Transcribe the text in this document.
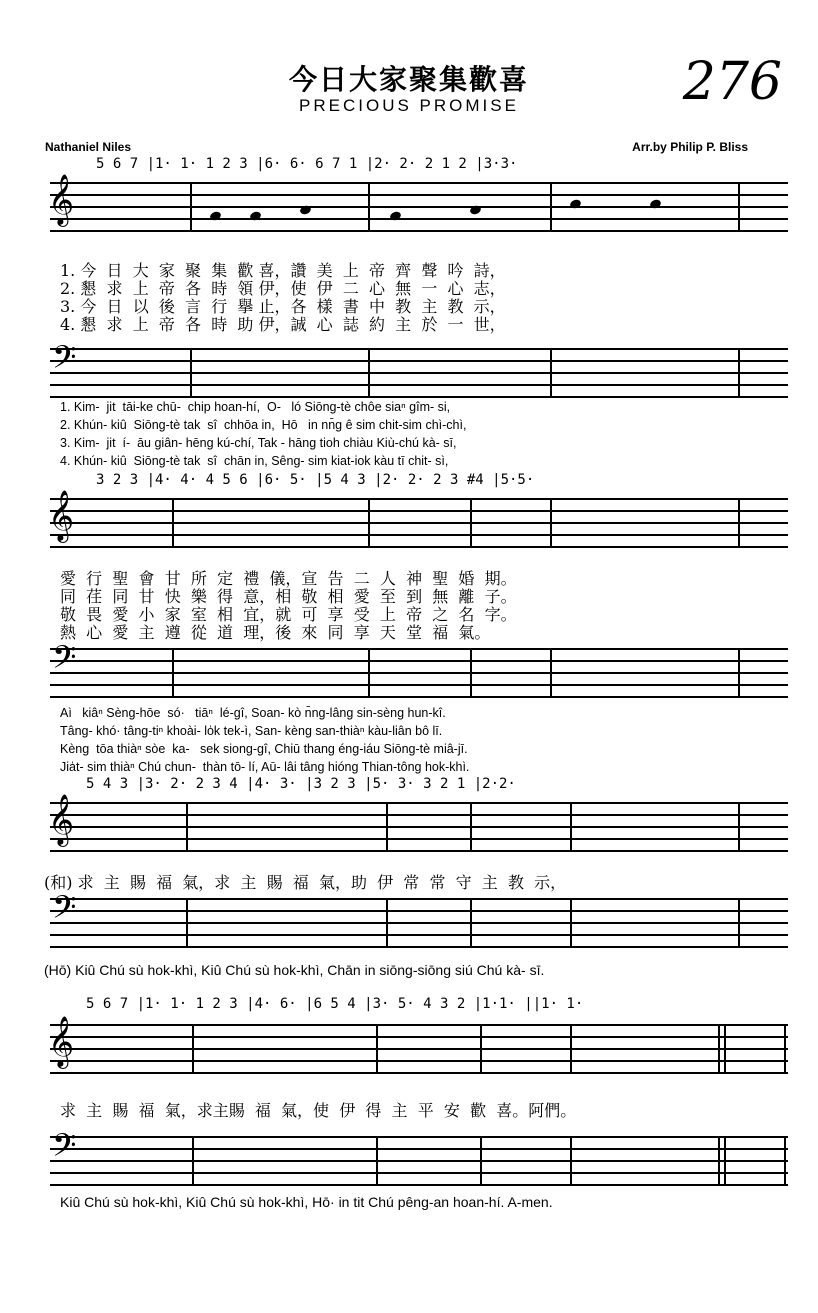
今日大家聚集歡喜
PRECIOUS PROMISE	276
Nathaniel Niles	Arr.by Philip P. Bliss
5 6 7 |1· 1· 1 2 3 |6· 6· 6 7 1 |2· 2· 2 1 2 |3·3·
𝄞
1. 今  日  大  家  聚  集  歡 喜，讚  美  上  帝  齊  聲  吟  詩，
2. 懇  求  上  帝  各  時  領 伊，使  伊  二  心  無  一  心  志，
3. 今  日  以  後  言  行  擧 止，各  樣  書  中  教  主  教  示，
4. 懇  求  上  帝  各  時  助 伊，誠  心  誌  約  主  於  一  世，
𝄢
1. Kim-  jit  tāi-ke chū-  chip hoan-hí,  O-   ló Siōng-tè chôe siaⁿ gîm- si,
2. Khún- kiû  Siōng-tè tak  sî  chhōa in,  Hō   in nn̄g ê sim chit-sim chì-chì,
3. Kim-  jit  í-  āu giân- hēng kú-chí, Tak - hāng tioh chiàu Kiù-chú kà- sī,
4. Khún- kiû  Siōng-tè tak  sî  chān in, Sêng- sim kiat-iok kàu tī chit- sì,
3 2 3 |4· 4· 4 5 6 |6· 5· |5 4 3 |2· 2· 2 3 #4 |5·5·
𝄞
愛  行  聖  會  甘  所  定  禮  儀，宣  告  二  人  神  聖  婚  期。
同  荏  同  甘  快  樂  得  意，相  敬  相  愛  至  到  無  離  子。
敬  畏  愛  小  家  室  相  宜，就  可  享  受  上  帝  之  名  字。
熱  心  愛  主  遵  從  道  理，後  來  同  享  天  堂  福  氣。
𝄢
Aì   kiâⁿ Sèng-hōe  só·   tiāⁿ  lé-gî, Soan- kò n̄ng-lâng sin-sèng hun-kî.
Tâng- khó· tâng-tiⁿ khoài- lo̍k tek-ì, San- kèng san-thiàⁿ kàu-liân bô lī.
Kèng  tōa thiàⁿ sòe  ka-   sek siong-gî, Chiū thang éng-iáu Siōng-tè miâ-jī.
Jia̍t- sim thiàⁿ Chú chun-  thàn tō- lí, Aū- lâi tâng hióng Thian-tông hok-khì.
5 4 3 |3· 2· 2 3 4 |4· 3· |3 2 3 |5· 3· 3 2 1 |2·2·
𝄞
(和) 求  主  賜  福  氣，求  主  賜  福  氣，助  伊  常  常  守  主  教  示，
𝄢
(Hō) Kiû Chú sù hok-khì, Kiû Chú sù hok-khì, Chān in siōng-siōng siú Chú kà- sī.
5 6 7 |1· 1· 1 2 3 |4· 6· |6 5 4 |3· 5· 4 3 2 |1·1· ||1· 1·
𝄞
求  主  賜  福  氣，求主賜  福  氣，使  伊  得  主  平  安  歡  喜。阿們。
𝄢
Kiû Chú sù hok-khì, Kiû Chú sù hok-khì, Hō· in tit Chú pêng-an hoan-hí. A-men.
